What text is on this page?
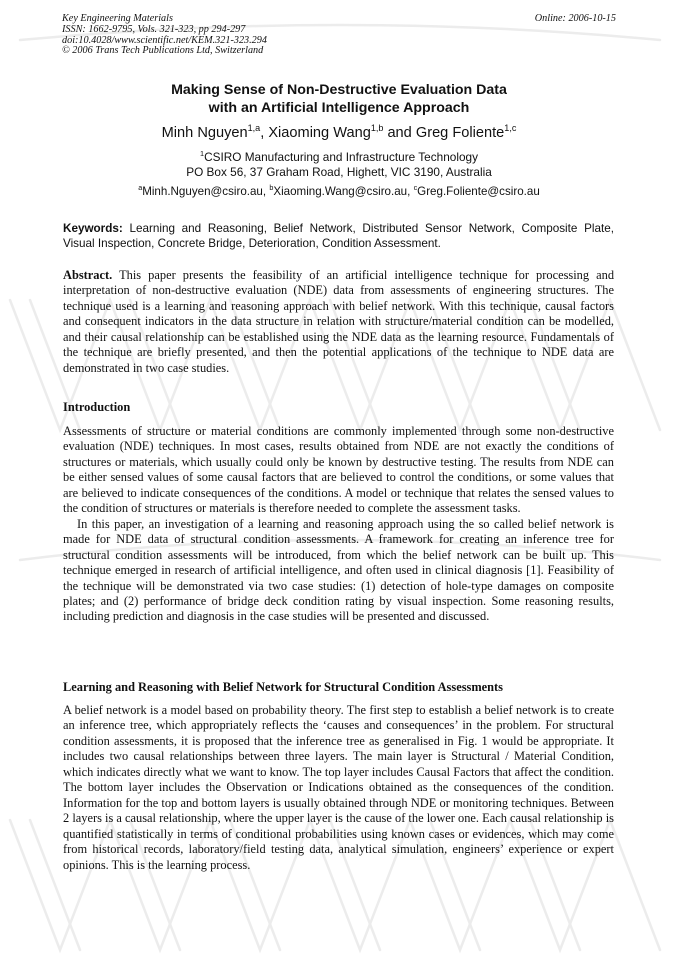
Key Engineering Materials
ISSN: 1662-9795, Vols. 321-323, pp 294-297
doi:10.4028/www.scientific.net/KEM.321-323.294
© 2006 Trans Tech Publications Ltd, Switzerland
Online: 2006-10-15
Making Sense of Non-Destructive Evaluation Data
with an Artificial Intelligence Approach
Minh Nguyen$^{1,a}$, Xiaoming Wang$^{1,b}$ and Greg Foliente$^{1,c}$
$^1$CSIRO Manufacturing and Infrastructure Technology
PO Box 56, 37 Graham Road, Highett, VIC 3190, Australia
$^a$Minh.Nguyen@csiro.au, $^b$Xiaoming.Wang@csiro.au, $^c$Greg.Foliente@csiro.au
Keywords: Learning and Reasoning, Belief Network, Distributed Sensor Network, Composite Plate, Visual Inspection, Concrete Bridge, Deterioration, Condition Assessment.

Abstract. This paper presents the feasibility of an artificial intelligence technique for processing and interpretation of non-destructive evaluation (NDE) data from assessments of engineering structures. The technique used is a learning and reasoning approach with belief network. With this technique, causal factors and consequent indicators in the data structure in relation with structure/material condition can be modelled, and their causal relationship can be established using the NDE data as the learning resource. Fundamentals of the technique are briefly presented, and then the potential applications of the technique to NDE data are demonstrated in two case studies.

Introduction

Assessments of structure or material conditions are commonly implemented through some non-destructive evaluation (NDE) techniques. In most cases, results obtained from NDE are not exactly the conditions of structures or materials, which usually could only be known by destructive testing. The results from NDE can be either sensed values of some causal factors that are believed to control the conditions, or some values that are believed to indicate consequences of the conditions. A model or technique that relates the sensed values to the condition of structures or materials is therefore needed to complete the assessment tasks.

In this paper, an investigation of a learning and reasoning approach using the so called belief network is made for NDE data of structural condition assessments. A framework for creating an inference tree for structural condition assessments will be introduced, from which the belief network can be built up. This technique emerged in research of artificial intelligence, and often used in clinical diagnosis [1]. Feasibility of the technique will be demonstrated via two case studies: (1) detection of hole-type damages on composite plates; and (2) performance of bridge deck condition rating by visual inspection. Some reasoning results, including prediction and diagnosis in the case studies will be presented and discussed.

Learning and Reasoning with Belief Network for Structural Condition Assessments

A belief network is a model based on probability theory. The first step to establish a belief network is to create an inference tree, which appropriately reflects the ‘causes and consequences’ in the problem. For structural condition assessments, it is proposed that the inference tree as generalised in Fig. 1 would be appropriate. It includes two causal relationships between three layers. The main layer is Structural / Material Condition, which indicates directly what we want to know. The top layer includes Causal Factors that affect the condition. The bottom layer includes the Observation or Indications obtained as the consequences of the condition. Information for the top and bottom layers is usually obtained through NDE or monitoring techniques. Between 2 layers is a causal relationship, where the upper layer is the cause of the lower one. Each causal relationship is quantified statistically in terms of conditional probabilities using known cases or evidences, which may come from historical records, laboratory/field testing data, analytical simulation, engineers’ experience or expert opinions. This is the learning process.
